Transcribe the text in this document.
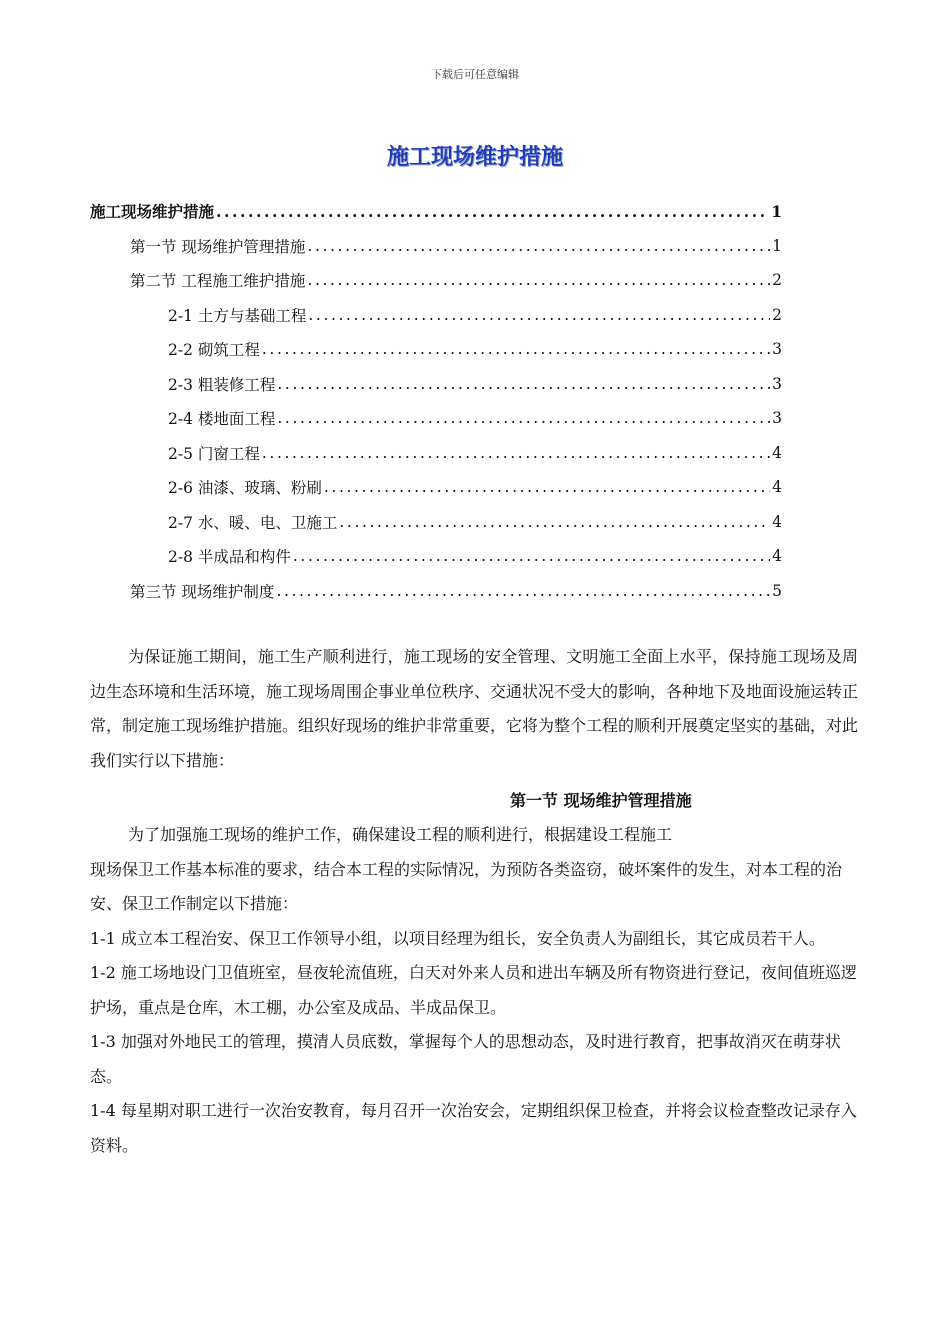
下载后可任意编辑
施工现场维护措施
施工现场维护措施 .....	1
第一节 现场维护管理措施 .....	1
第二节 工程施工维护措施 .....	2
2-1 土方与基础工程 .....	2
2-2 砌筑工程 .....	3
2-3 粗装修工程 .....	3
2-4 楼地面工程 .....	3
2-5 门窗工程 .....	4
2-6 油漆、玻璃、粉刷 .....	4
2-7 水、暖、电、卫施工 .....	4
2-8 半成品和构件 .....	4
第三节 现场维护制度 .....	5
为保证施工期间，施工生产顺利进行，施工现场的安全管理、文明施工全面上水平，保持施工现场及周边生态环境和生活环境，施工现场周围企事业单位秩序、交通状况不受大的影响，各种地下及地面设施运转正常，制定施工现场维护措施。组织好现场的维护非常重要，它将为整个工程的顺利开展奠定坚实的基础，对此我们实行以下措施：
第一节 现场维护管理措施
为了加强施工现场的维护工作，确保建设工程的顺利进行，根据建设工程施工
现场保卫工作基本标准的要求，结合本工程的实际情况，为预防各类盗窃，破坏案件的发生，对本工程的治安、保卫工作制定以下措施：

1-1 成立本工程治安、保卫工作领导小组，以项目经理为组长，安全负责人为副组长，其它成员若干人。

1-2 施工场地设门卫值班室，昼夜轮流值班，白天对外来人员和进出车辆及所有物资进行登记，夜间值班巡逻护场，重点是仓库，木工棚，办公室及成品、半成品保卫。

1-3 加强对外地民工的管理，摸清人员底数，掌握每个人的思想动态，及时进行教育，把事故消灭在萌芽状态。

1-4 每星期对职工进行一次治安教育，每月召开一次治安会，定期组织保卫检查，并将会议检查整改记录存入资料。
